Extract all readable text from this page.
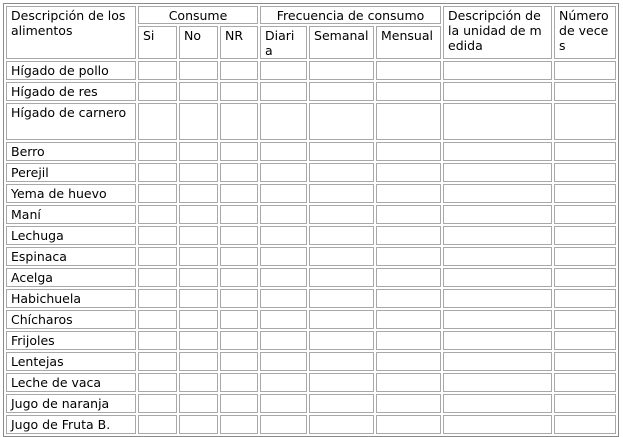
Descripción de los alimentos	Consume			Frecuencia de consumo			Descripción de la unidad de medida	Número de veces
	Si	No	NR	Diaria	Semanal	Mensual		
Hígado de pollo								
Hígado de res								
Hígado de carnero								
Berro								
Perejil								
Yema de huevo								
Maní								
Lechuga								
Espinaca								
Acelga								
Habichuela								
Chícharos								
Frijoles								
Lentejas								
Leche de vaca								
Jugo de naranja								
Jugo de Fruta B.								
